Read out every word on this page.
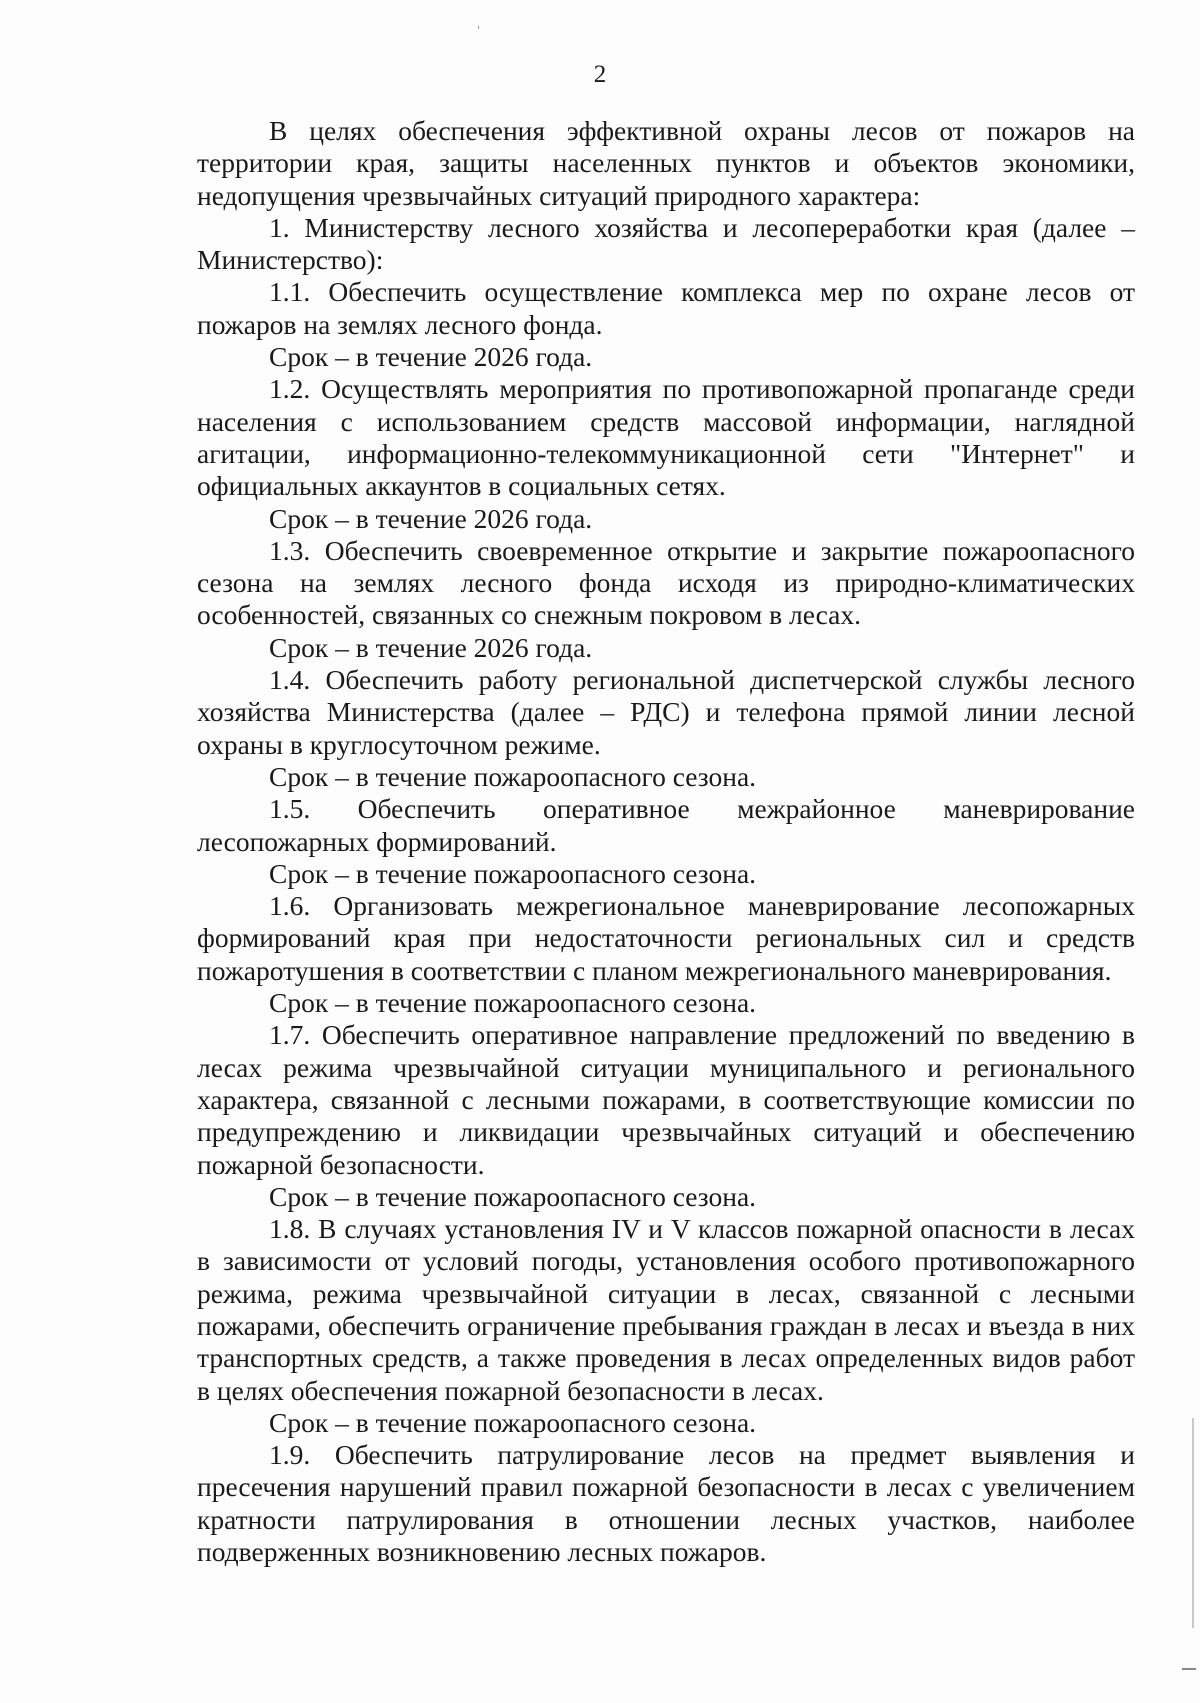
2

В целях обеспечения эффективной охраны лесов от пожаров на территории края, защиты населенных пунктов и объектов экономики, недопущения чрезвычайных ситуаций природного характера:

1. Министерству лесного хозяйства и лесопереработки края (далее – Министерство):

1.1. Обеспечить осуществление комплекса мер по охране лесов от пожаров на землях лесного фонда.

Срок – в течение 2026 года.

1.2. Осуществлять мероприятия по противопожарной пропаганде среди населения с использованием средств массовой информации, наглядной агитации, информационно-телекоммуникационной сети "Интернет" и официальных аккаунтов в социальных сетях.

Срок – в течение 2026 года.

1.3. Обеспечить своевременное открытие и закрытие пожароопасного сезона на землях лесного фонда исходя из природно-климатических особенностей, связанных со снежным покровом в лесах.

Срок – в течение 2026 года.

1.4. Обеспечить работу региональной диспетчерской службы лесного хозяйства Министерства (далее – РДС) и телефона прямой линии лесной охраны в круглосуточном режиме.

Срок – в течение пожароопасного сезона.

1.5. Обеспечить оперативное межрайонное маневрирование лесопожарных формирований.

Срок – в течение пожароопасного сезона.

1.6. Организовать межрегиональное маневрирование лесопожарных формирований края при недостаточности региональных сил и средств пожаротушения в соответствии с планом межрегионального маневрирования.

Срок – в течение пожароопасного сезона.

1.7. Обеспечить оперативное направление предложений по введению в лесах режима чрезвычайной ситуации муниципального и регионального характера, связанной с лесными пожарами, в соответствующие комиссии по предупреждению и ликвидации чрезвычайных ситуаций и обеспечению пожарной безопасности.

Срок – в течение пожароопасного сезона.

1.8. В случаях установления IV и V классов пожарной опасности в лесах в зависимости от условий погоды, установления особого противопожарного режима, режима чрезвычайной ситуации в лесах, связанной с лесными пожарами, обеспечить ограничение пребывания граждан в лесах и въезда в них транспортных средств, а также проведения в лесах определенных видов работ в целях обеспечения пожарной безопасности в лесах.

Срок – в течение пожароопасного сезона.

1.9. Обеспечить патрулирование лесов на предмет выявления и пресечения нарушений правил пожарной безопасности в лесах с увеличением кратности патрулирования в отношении лесных участков, наиболее подверженных возникновению лесных пожаров.
